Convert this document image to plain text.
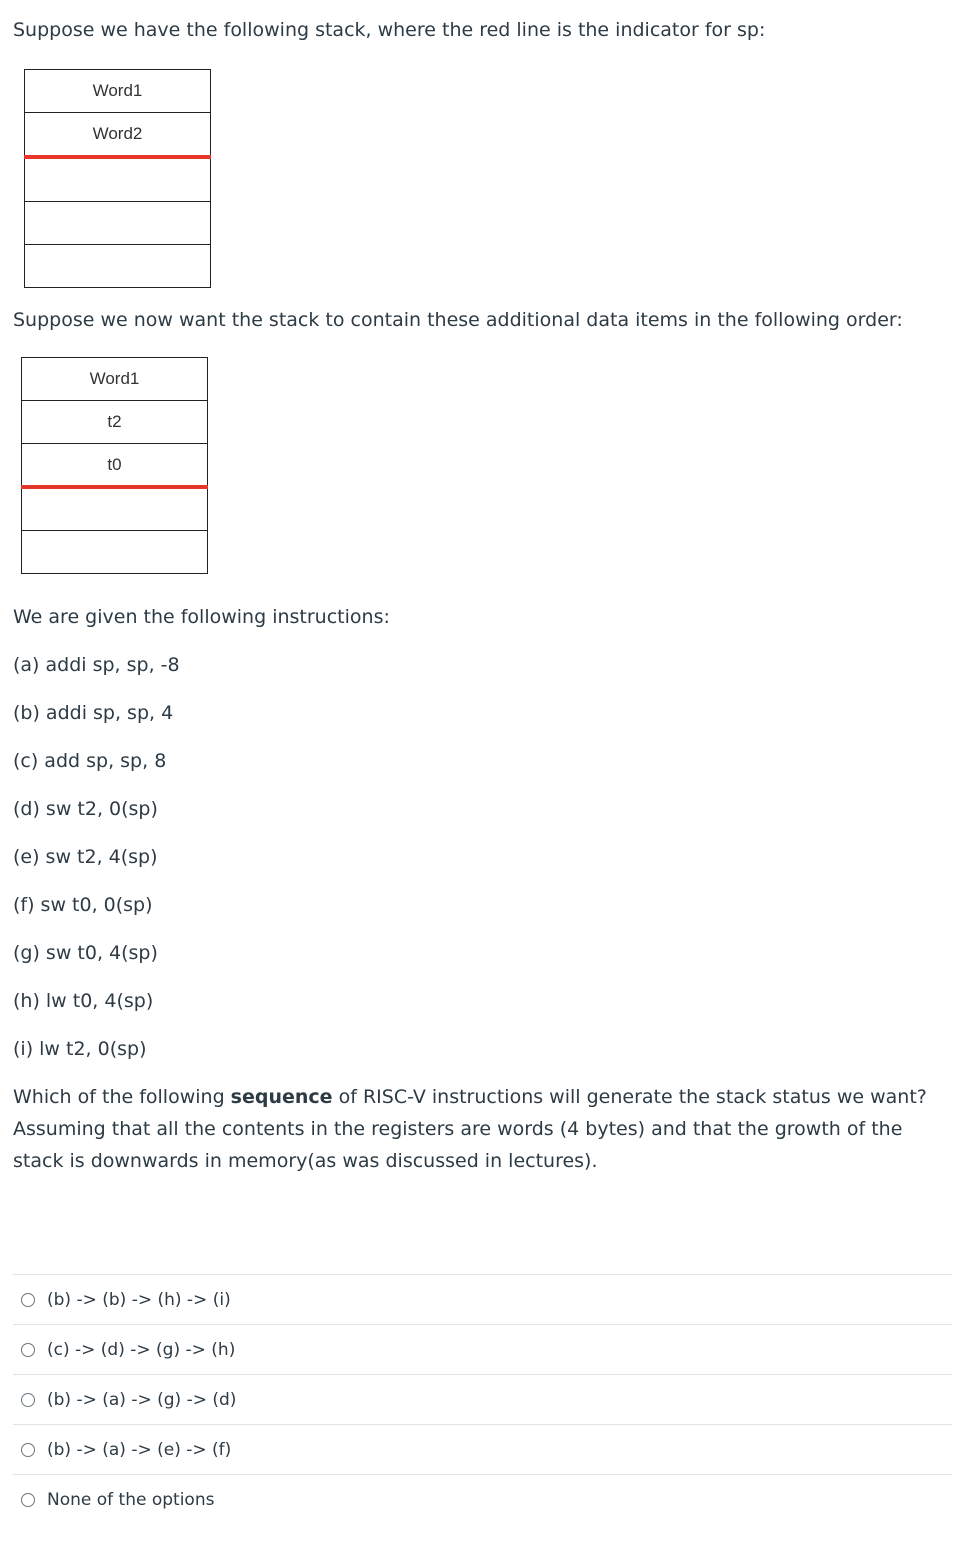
Suppose we have the following stack, where the red line is the indicator for sp:
Word1
Word2
Suppose we now want the stack to contain these additional data items in the following order:
Word1
t2
t0
We are given the following instructions:
(a) addi sp, sp, -8
(b) addi sp, sp, 4
(c) add sp, sp, 8
(d) sw t2, 0(sp)
(e) sw t2, 4(sp)
(f) sw t0, 0(sp)
(g) sw t0, 4(sp)
(h) lw t0, 4(sp)
(i) lw t2, 0(sp)
Which of the following sequence of RISC-V instructions will generate the stack status we want? Assuming that all the contents in the registers are words (4 bytes) and that the growth of the stack is downwards in memory(as was discussed in lectures).
(b) -> (b) -> (h) -> (i)
(c) -> (d) -> (g) -> (h)
(b) -> (a) -> (g) -> (d)
(b) -> (a) -> (e) -> (f)
None of the options
